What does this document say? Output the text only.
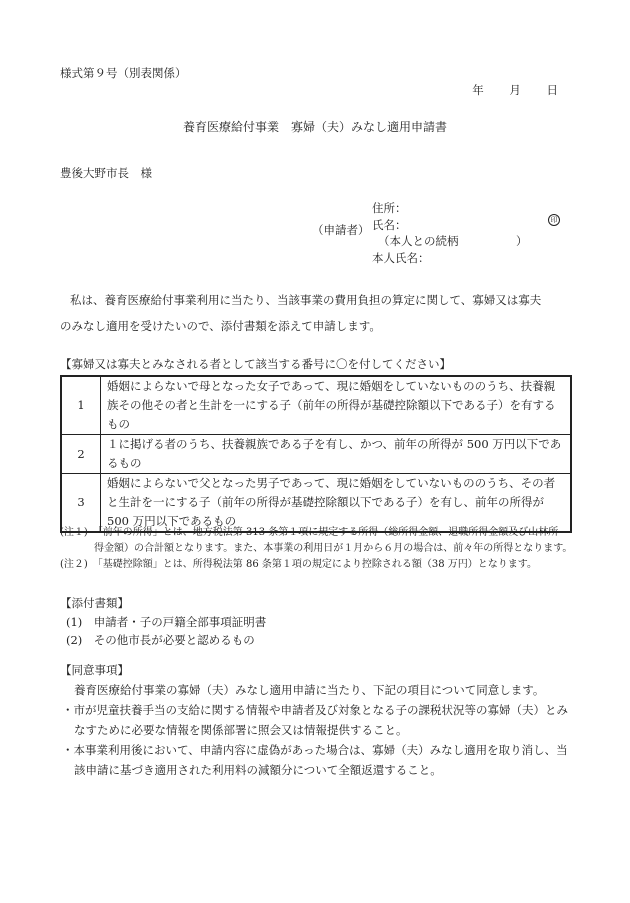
様式第９号（別表関係）
年 月 日
養育医療給付事業　寡婦（夫）みなし適用申請書
豊後大野市長　様
（申請者）
住所：
氏名：	印
（本人との続柄　　　　　）
本人氏名：
私は、養育医療給付事業利用に当たり、当該事業の費用負担の算定に関して、寡婦又は寡夫
のみなし適用を受けたいので、添付書類を添えて申請します。
【寡婦又は寡夫とみなされる者として該当する番号に〇を付してください】
1	婚姻によらないで母となった女子であって、現に婚姻をしていないもののうち、扶養親族その他その者と生計を一にする子（前年の所得が基礎控除額以下である子）を有するもの
2	１に掲げる者のうち、扶養親族である子を有し、かつ、前年の所得が 500 万円以下であるもの
3	婚姻によらないで父となった男子であって、現に婚姻をしていないもののうち、その者と生計を一にする子（前年の所得が基礎控除額以下である子）を有し、前年の所得が 500 万円以下であるもの
(注１)　「前年の所得」とは、地方税法第 313 条第１項に規定する所得（総所得金額、退職所得金額及び山林所
得金額）の合計額となります。また、本事業の利用日が１月から６月の場合は、前々年の所得となります。
(注２)　「基礎控除額」とは、所得税法第 86 条第１項の規定により控除される額（38 万円）となります。
【添付書類】
(1)　申請者・子の戸籍全部事項証明書
(2)　その他市長が必要と認めるもの
【同意事項】
養育医療給付事業の寡婦（夫）みなし適用申請に当たり、下記の項目について同意します。
・市が児童扶養手当の支給に関する情報や申請者及び対象となる子の課税状況等の寡婦（夫）とみなすために必要な情報を関係部署に照会又は情報提供すること。
・本事業利用後において、申請内容に虚偽があった場合は、寡婦（夫）みなし適用を取り消し、当該申請に基づき適用された利用料の減額分について全額返還すること。
